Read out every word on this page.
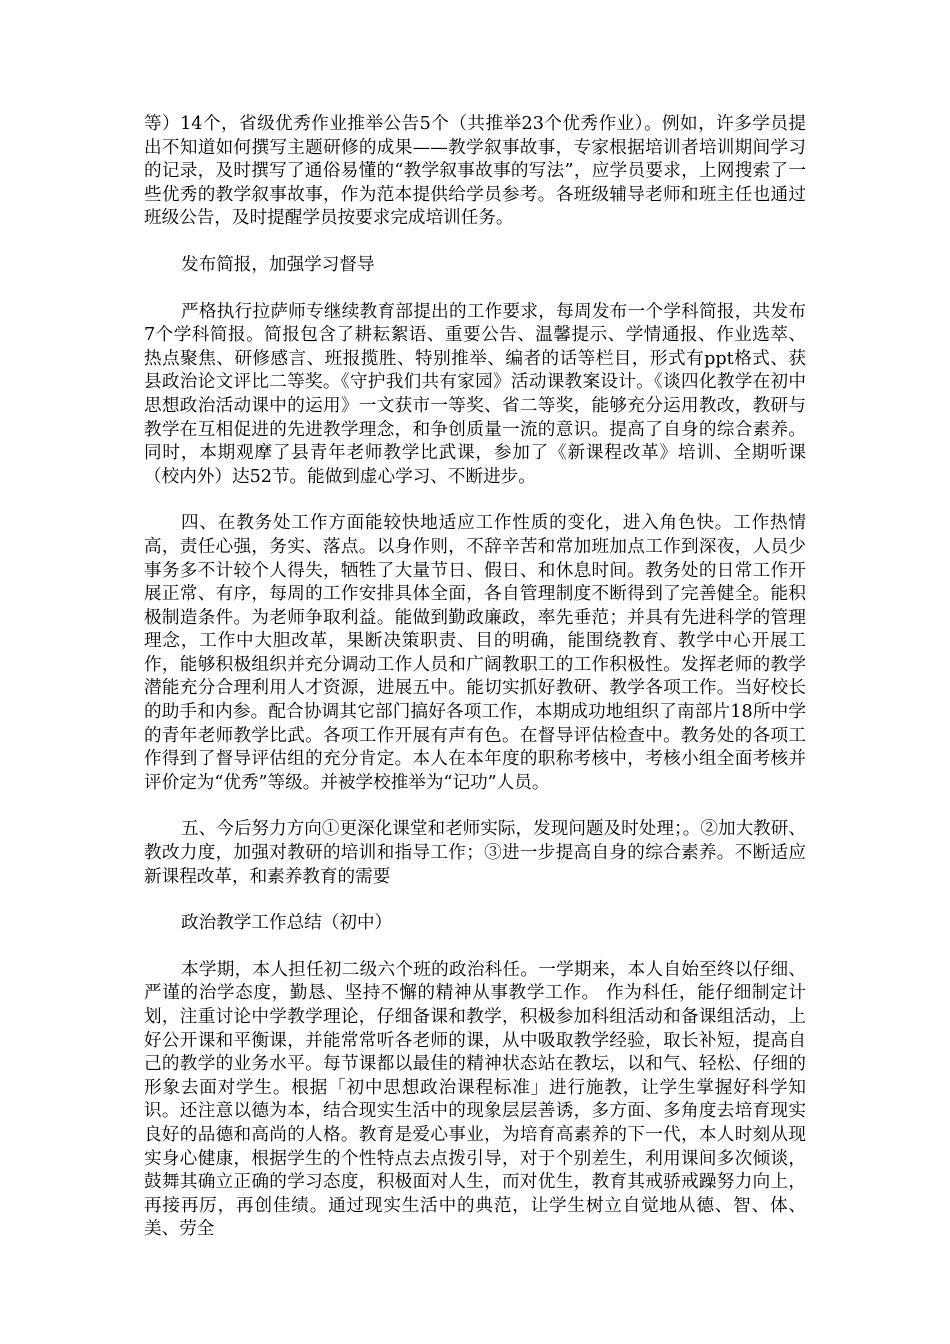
等）14个，省级优秀作业推举公告5个（共推举23个优秀作业）。例如，许多学员提出不知道如何撰写主题研修的成果——教学叙事故事，专家根据培训者培训期间学习的记录，及时撰写了通俗易懂的“教学叙事故事的写法”，应学员要求，上网搜索了一些优秀的教学叙事故事，作为范本提供给学员参考。各班级辅导老师和班主任也通过班级公告，及时提醒学员按要求完成培训任务。

发布简报，加强学习督导

严格执行拉萨师专继续教育部提出的工作要求，每周发布一个学科简报，共发布7个学科简报。简报包含了耕耘絮语、重要公告、温馨提示、学情通报、作业选萃、热点聚焦、研修感言、班报揽胜、特别推举、编者的话等栏目，形式有ppt格式、获县政治论文评比二等奖。《守护我们共有家园》活动课教案设计。《谈四化教学在初中思想政治活动课中的运用》一文获市一等奖、省二等奖，能够充分运用教改，教研与教学在互相促进的先进教学理念，和争创质量一流的意识。提高了自身的综合素养。同时，本期观摩了县青年老师教学比武课，参加了《新课程改革》培训、全期听课（校内外）达52节。能做到虚心学习、不断进步。

四、在教务处工作方面能较快地适应工作性质的变化，进入角色快。工作热情高，责任心强，务实、落点。以身作则，不辞辛苦和常加班加点工作到深夜，人员少事务多不计较个人得失，牺牲了大量节日、假日、和休息时间。教务处的日常工作开展正常、有序，每周的工作安排具体全面，各自管理制度不断得到了完善健全。能积极制造条件。为老师争取利益。能做到勤政廉政，率先垂范；并具有先进科学的管理理念，工作中大胆改革，果断决策职责、目的明确，能围绕教育、教学中心开展工作，能够积极组织并充分调动工作人员和广阔教职工的工作积极性。发挥老师的教学潜能充分合理利用人才资源，进展五中。能切实抓好教研、教学各项工作。当好校长的助手和内参。配合协调其它部门搞好各项工作，本期成功地组织了南部片18所中学的青年老师教学比武。各项工作开展有声有色。在督导评估检查中。教务处的各项工作得到了督导评估组的充分肯定。本人在本年度的职称考核中，考核小组全面考核并评价定为“优秀”等级。并被学校推举为“记功”人员。

五、今后努力方向①更深化课堂和老师实际，发现问题及时处理；。②加大教研、教改力度，加强对教研的培训和指导工作；③进一步提高自身的综合素养。不断适应新课程改革，和素养教育的需要

政治教学工作总结（初中）

本学期，本人担任初二级六个班的政治科任。一学期来，本人自始至终以仔细、严谨的治学态度，勤恳、坚持不懈的精神从事教学工作。 作为科任，能仔细制定计划，注重讨论中学教学理论，仔细备课和教学，积极参加科组活动和备课组活动，上好公开课和平衡课，并能常常听各老师的课，从中吸取教学经验，取长补短，提高自己的教学的业务水平。每节课都以最佳的精神状态站在教坛，以和气、轻松、仔细的形象去面对学生。根据「初中思想政治课程标准」进行施教，让学生掌握好科学知识。还注意以德为本，结合现实生活中的现象层层善诱，多方面、多角度去培育现实良好的品德和高尚的人格。教育是爱心事业，为培育高素养的下一代，本人时刻从现实身心健康，根据学生的个性特点去点拨引导，对于个别差生，利用课间多次倾谈，鼓舞其确立正确的学习态度，积极面对人生，而对优生，教育其戒骄戒躁努力向上，再接再厉，再创佳绩。通过现实生活中的典范，让学生树立自觉地从德、智、体、美、劳全
